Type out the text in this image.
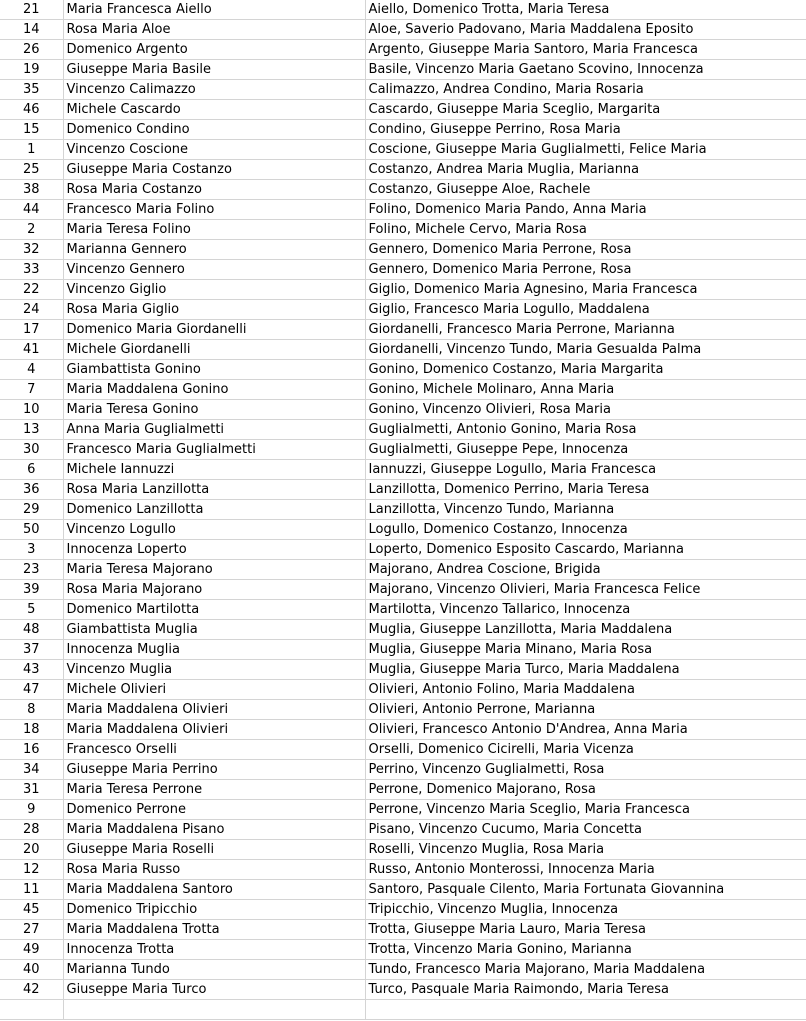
21	Maria Francesca Aiello	Aiello, Domenico Trotta, Maria Teresa
14	Rosa Maria Aloe	Aloe, Saverio Padovano, Maria Maddalena Eposito
26	Domenico Argento	Argento, Giuseppe Maria Santoro, Maria Francesca
19	Giuseppe Maria Basile	Basile, Vincenzo Maria Gaetano Scovino, Innocenza
35	Vincenzo Calimazzo	Calimazzo, Andrea Condino, Maria Rosaria
46	Michele Cascardo	Cascardo, Giuseppe Maria Sceglio, Margarita
15	Domenico Condino	Condino, Giuseppe Perrino, Rosa Maria
1	Vincenzo Coscione	Coscione, Giuseppe Maria Guglialmetti, Felice Maria
25	Giuseppe Maria Costanzo	Costanzo, Andrea Maria Muglia, Marianna
38	Rosa Maria Costanzo	Costanzo, Giuseppe Aloe, Rachele
44	Francesco Maria Folino	Folino, Domenico Maria Pando, Anna Maria
2	Maria Teresa Folino	Folino, Michele Cervo, Maria Rosa
32	Marianna Gennero	Gennero, Domenico Maria Perrone, Rosa
33	Vincenzo Gennero	Gennero, Domenico Maria Perrone, Rosa
22	Vincenzo Giglio	Giglio, Domenico Maria Agnesino, Maria Francesca
24	Rosa Maria Giglio	Giglio, Francesco Maria Logullo, Maddalena
17	Domenico Maria Giordanelli	Giordanelli, Francesco Maria Perrone, Marianna
41	Michele Giordanelli	Giordanelli, Vincenzo Tundo, Maria Gesualda Palma
4	Giambattista Gonino	Gonino, Domenico Costanzo, Maria Margarita
7	Maria Maddalena Gonino	Gonino, Michele Molinaro, Anna Maria
10	Maria Teresa Gonino	Gonino, Vincenzo Olivieri, Rosa Maria
13	Anna Maria Guglialmetti	Guglialmetti, Antonio Gonino, Maria Rosa
30	Francesco Maria Guglialmetti	Guglialmetti, Giuseppe Pepe, Innocenza
6	Michele Iannuzzi	Iannuzzi, Giuseppe Logullo, Maria Francesca
36	Rosa Maria Lanzillotta	Lanzillotta, Domenico Perrino, Maria Teresa
29	Domenico Lanzillotta	Lanzillotta, Vincenzo Tundo, Marianna
50	Vincenzo Logullo	Logullo, Domenico Costanzo, Innocenza
3	Innocenza Loperto	Loperto, Domenico Esposito Cascardo, Marianna
23	Maria Teresa Majorano	Majorano, Andrea Coscione, Brigida
39	Rosa Maria Majorano	Majorano, Vincenzo Olivieri, Maria Francesca Felice
5	Domenico Martilotta	Martilotta, Vincenzo Tallarico, Innocenza
48	Giambattista Muglia	Muglia, Giuseppe Lanzillotta, Maria Maddalena
37	Innocenza Muglia	Muglia, Giuseppe Maria Minano, Maria Rosa
43	Vincenzo Muglia	Muglia, Giuseppe Maria Turco, Maria Maddalena
47	Michele Olivieri	Olivieri, Antonio Folino, Maria Maddalena
8	Maria Maddalena Olivieri	Olivieri, Antonio Perrone, Marianna
18	Maria Maddalena Olivieri	Olivieri, Francesco Antonio D'Andrea, Anna Maria
16	Francesco Orselli	Orselli, Domenico Cicirelli, Maria Vicenza
34	Giuseppe Maria Perrino	Perrino, Vincenzo Guglialmetti, Rosa
31	Maria Teresa Perrone	Perrone, Domenico Majorano, Rosa
9	Domenico Perrone	Perrone, Vincenzo Maria Sceglio, Maria Francesca
28	Maria Maddalena Pisano	Pisano, Vincenzo Cucumo, Maria Concetta
20	Giuseppe Maria Roselli	Roselli, Vincenzo Muglia, Rosa Maria
12	Rosa Maria Russo	Russo, Antonio Monterossi, Innocenza Maria
11	Maria Maddalena Santoro	Santoro, Pasquale Cilento, Maria Fortunata Giovannina
45	Domenico Tripicchio	Tripicchio, Vincenzo Muglia, Innocenza
27	Maria Maddalena Trotta	Trotta, Giuseppe Maria Lauro, Maria Teresa
49	Innocenza Trotta	Trotta, Vincenzo Maria Gonino, Marianna
40	Marianna Tundo	Tundo, Francesco Maria Majorano, Maria Maddalena
42	Giuseppe Maria Turco	Turco, Pasquale Maria Raimondo, Maria Teresa
